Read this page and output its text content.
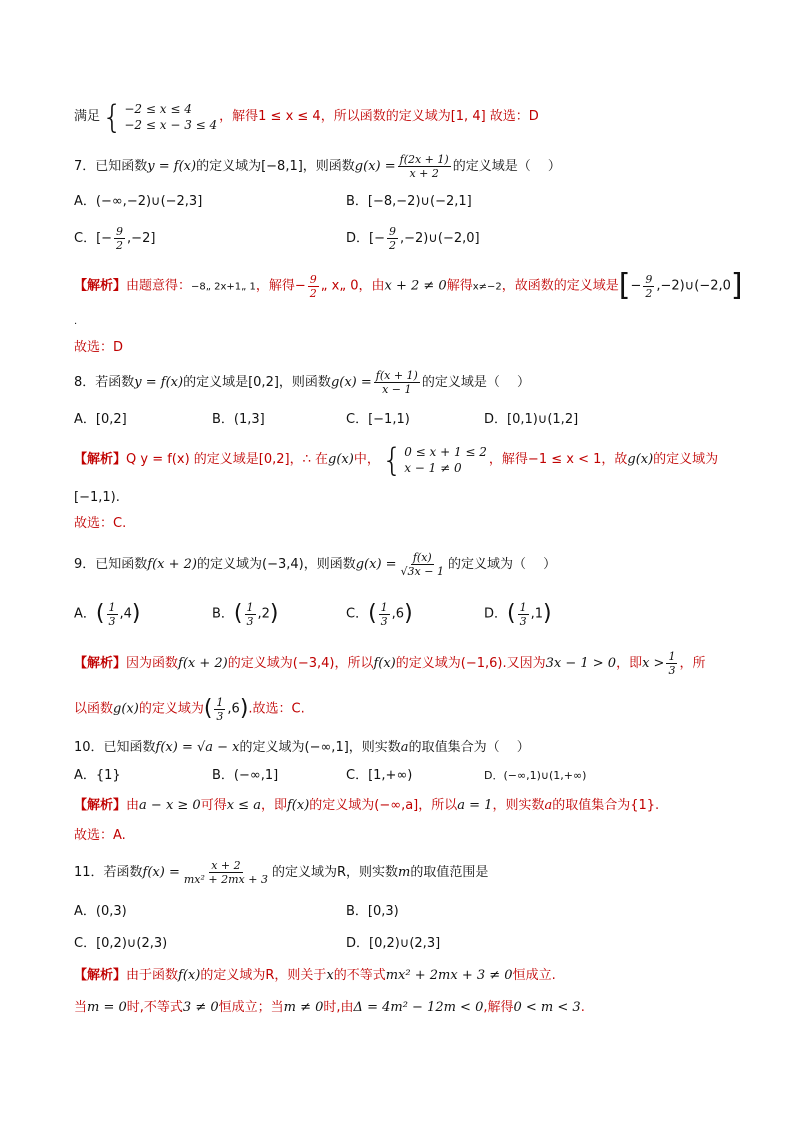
满足 { −2 ≤ x ≤ 4
−2 ≤ x − 3 ≤ 4
，解得1 ≤ x ≤ 4，所以函数的定义域为[1, 4] 故选：D
7．已知函数y = f(x)的定义域为[−8,1]，则函数$g(x) = \frac{f(2x + 1)}{x + 2}$ 的定义域是（　 ）
A．(−∞,−2)∪(−2,3]	B．[−8,−2)∪(−2,1]
C．[− $\frac{9}{2} ,-2$]	D．[− $\frac{9}{2}$ ,−2)∪(−2,0]
【解析】由题意得：−8„ 2x+1„ 1，解得− $\frac{9}{2}$ „ x„ 0，由x + 2 ≠ 0解得x≠−2，故函数的定义域是[− $\frac{9}{2}$ ,−2)∪(−2,0]
.
故选：D
8．若函数y = f(x)的定义域是[0,2]，则函数$g(x) = \frac{f(x + 1)}{x - 1}$ 的定义域是（　 ）
A．[0,2]	B．(1,3]	C．[−1,1)	D．[0,1)∪(1,2]
【解析】Q y = f(x) 的定义域是[0,2]，∴ 在g(x)中， { 0 ≤ x + 1 ≤ 2
x − 1 ≠ 0
，解得−1 ≤ x < 1，故g(x)的定义域为
[−1,1).
故选：C.
9．已知函数f(x + 2)的定义域为(−3,4)，则函数$g(x) = \frac{f(x)}{√3x - 1}$ 的定义域为（　 ）
A．( $\frac{1}{3} ,4$)	B．( $\frac{1}{3} ,2$)	C．( $\frac{1}{3} ,6$)	D．( $\frac{1}{3} ,1$)
【解析】因为函数f(x + 2)的定义域为(−3,4)，所以f(x)的定义域为(−1,6).又因为3x − 1 > 0，即$x > \frac{1}{3}$ ，所
以函数g(x)的定义域为( $\frac{1}{3} ,6$).故选：C.
10．已知函数f(x) = √a − x的定义域为(−∞,1]，则实数a的取值集合为（　 ）
A．{1}	B．(−∞,1]	C．[1,+∞)	D．(−∞,1)∪(1,+∞)
【解析】由a − x ≥ 0可得x ≤ a，即f(x)的定义域为(−∞,a]，所以a = 1，则实数a的取值集合为{1}.
故选：A.
11．若函数$f(x) = \frac{x + 2}{\text{mx² + 2mx + 3}}$ 的定义域为R，则实数m的取值范围是
A．(0,3)	B．[0,3)
C．[0,2)∪(2,3)	D．[0,2)∪(2,3]
【解析】由于函数f(x)的定义域为R，则关于x的不等式mx² + 2mx + 3 ≠ 0恒成立.
当m = 0时,不等式3 ≠ 0恒成立；当m ≠ 0时,由Δ = 4m² − 12m < 0,解得0 < m < 3.
